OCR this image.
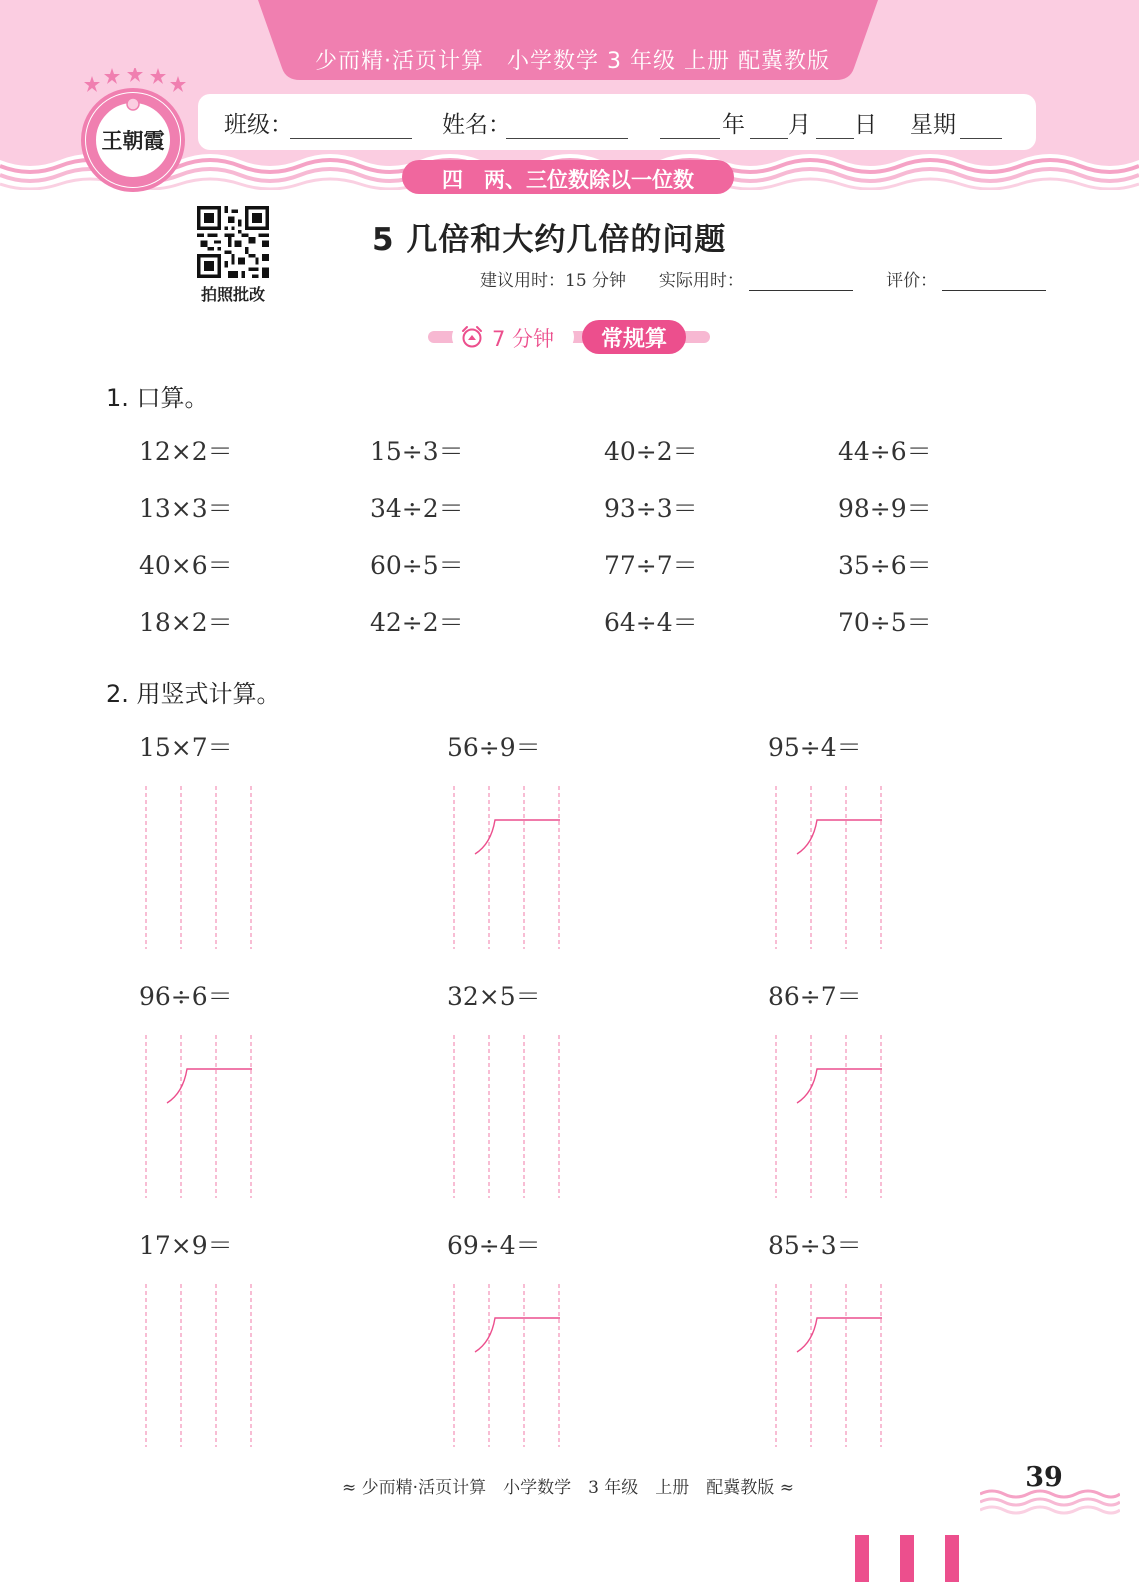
少而精·活页计算　小学数学 3 年级 上册 配冀教版
王朝霞
班级：	姓名：	年 月 日 星期
四　两、三位数除以一位数
拍照批改
5 几倍和大约几倍的问题
建议用时：15 分钟 实际用时：	评价：
7 分钟	常规算
1. 口算。
12×2＝	15÷3＝	40÷2＝	44÷6＝
13×3＝	34÷2＝	93÷3＝	98÷9＝
40×6＝	60÷5＝	77÷7＝	35÷6＝
18×2＝	42÷2＝	64÷4＝	70÷5＝
2. 用竖式计算。
15×7＝	56÷9＝	95÷4＝
96÷6＝	32×5＝	86÷7＝
17×9＝	69÷4＝	85÷3＝
≈ 少而精·活页计算　小学数学　3 年级　上册　配冀教版 ≈	39
